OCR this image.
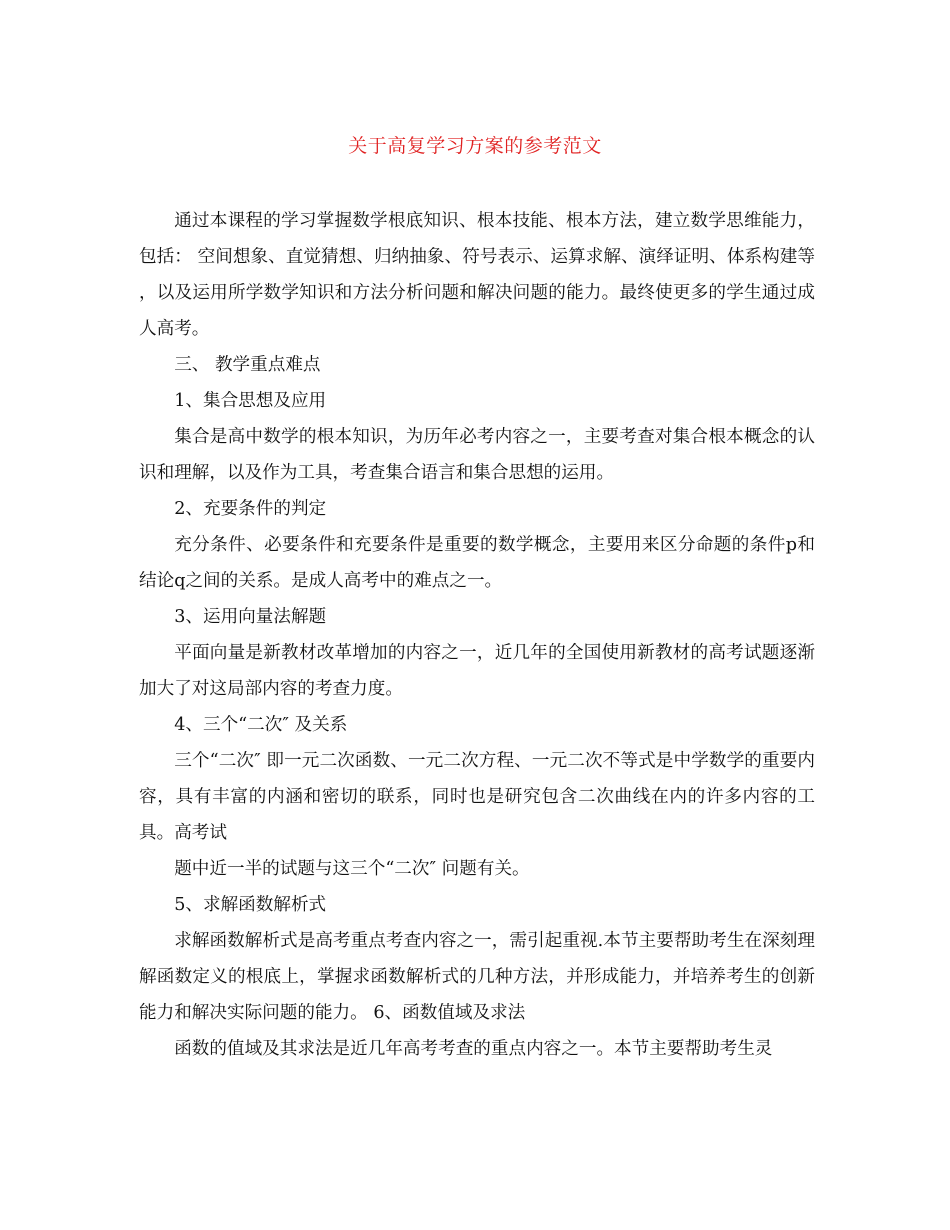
关于高复学习方案的参考范文

通过本课程的学习掌握数学根底知识、根本技能、根本方法，建立数学思维能力，包括： 空间想象、直觉猜想、归纳抽象、符号表示、运算求解、演绎证明、体系构建等 ，以及运用所学数学知识和方法分析问题和解决问题的能力。最终使更多的学生通过成人高考。

三、 教学重点难点

1、集合思想及应用

集合是高中数学的根本知识，为历年必考内容之一，主要考查对集合根本概念的认识和理解，以及作为工具，考查集合语言和集合思想的运用。

2、充要条件的判定

充分条件、必要条件和充要条件是重要的数学概念，主要用来区分命题的条件p和结论q之间的关系。是成人高考中的难点之一。

3、运用向量法解题

平面向量是新教材改革增加的内容之一，近几年的全国使用新教材的高考试题逐渐加大了对这局部内容的考查力度。

4、三个“二次″ 及关系

三个“二次″ 即一元二次函数、一元二次方程、一元二次不等式是中学数学的重要内容，具有丰富的内涵和密切的联系，同时也是研究包含二次曲线在内的许多内容的工具。高考试

题中近一半的试题与这三个“二次″ 问题有关。

5、求解函数解析式

求解函数解析式是高考重点考查内容之一，需引起重视.本节主要帮助考生在深刻理解函数定义的根底上，掌握求函数解析式的几种方法，并形成能力，并培养考生的创新能力和解决实际问题的能力。 6、函数值域及求法

函数的值域及其求法是近几年高考考查的重点内容之一。本节主要帮助考生灵
